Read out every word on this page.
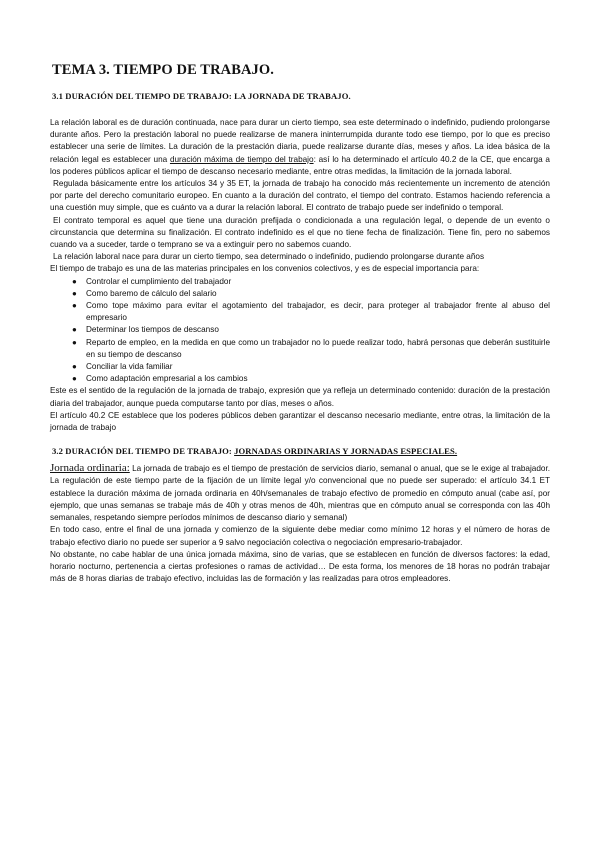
TEMA 3. TIEMPO DE TRABAJO.
3.1 DURACIÓN DEL TIEMPO DE TRABAJO: LA JORNADA DE TRABAJO.

La relación laboral es de duración continuada, nace para durar un cierto tiempo, sea este determinado o indefinido, pudiendo prolongarse durante años. Pero la prestación laboral no puede realizarse de manera ininterrumpida durante todo ese tiempo, por lo que es preciso establecer una serie de límites. La duración de la prestación diaria, puede realizarse durante días, meses y años. La idea básica de la relación legal es establecer una duración máxima de tiempo del trabajo: así lo ha determinado el artículo 40.2 de la CE, que encarga a los poderes públicos aplicar el tiempo de descanso necesario mediante, entre otras medidas, la limitación de la jornada laboral.

Regulada básicamente entre los artículos 34 y 35 ET, la jornada de trabajo ha conocido más recientemente un incremento de atención por parte del derecho comunitario europeo. En cuanto a la duración del contrato, el tiempo del contrato. Estamos haciendo referencia a una cuestión muy simple, que es cuánto va a durar la relación laboral. El contrato de trabajo puede ser indefinido o temporal.

El contrato temporal es aquel que tiene una duración prefijada o condicionada a una regulación legal, o depende de un evento o circunstancia que determina su finalización. El contrato indefinido es el que no tiene fecha de finalización. Tiene fin, pero no sabemos cuando va a suceder, tarde o temprano se va a extinguir pero no sabemos cuando.

La relación laboral nace para durar un cierto tiempo, sea determinado o indefinido, pudiendo prolongarse durante años

El tiempo de trabajo es una de las materias principales en los convenios colectivos, y es de especial importancia para:

● Controlar el cumplimiento del trabajador
● Como baremo de cálculo del salario
● Como tope máximo para evitar el agotamiento del trabajador, es decir, para proteger al trabajador frente al abuso del empresario
● Determinar los tiempos de descanso
● Reparto de empleo, en la medida en que como un trabajador no lo puede realizar todo, habrá personas que deberán sustituirle en su tiempo de descanso
● Conciliar la vida familiar
● Como adaptación empresarial a los cambios

Este es el sentido de la regulación de la jornada de trabajo, expresión que ya refleja un determinado contenido: duración de la prestación diaria del trabajador, aunque pueda computarse tanto por días, meses o años.

El artículo 40.2 CE establece que los poderes públicos deben garantizar el descanso necesario mediante, entre otras, la limitación de la jornada de trabajo

3.2 DURACIÓN DEL TIEMPO DE TRABAJO: JORNADAS ORDINARIAS Y JORNADAS ESPECIALES.

Jornada ordinaria: La jornada de trabajo es el tiempo de prestación de servicios diario, semanal o anual, que se le exige al trabajador. La regulación de este tiempo parte de la fijación de un límite legal y/o convencional que no puede ser superado: el artículo 34.1 ET establece la duración máxima de jornada ordinaria en 40h/semanales de trabajo efectivo de promedio en cómputo anual (cabe así, por ejemplo, que unas semanas se trabaje más de 40h y otras menos de 40h, mientras que en cómputo anual se corresponda con las 40h semanales, respetando siempre períodos mínimos de descanso diario y semanal)

En todo caso, entre el final de una jornada y comienzo de la siguiente debe mediar como mínimo 12 horas y el número de horas de trabajo efectivo diario no puede ser superior a 9 salvo negociación colectiva o negociación empresario-trabajador.

No obstante, no cabe hablar de una única jornada máxima, sino de varias, que se establecen en función de diversos factores: la edad, horario nocturno, pertenencia a ciertas profesiones o ramas de actividad… De esta forma, los menores de 18 horas no podrán trabajar más de 8 horas diarias de trabajo efectivo, incluidas las de formación y las realizadas para otros empleadores.
